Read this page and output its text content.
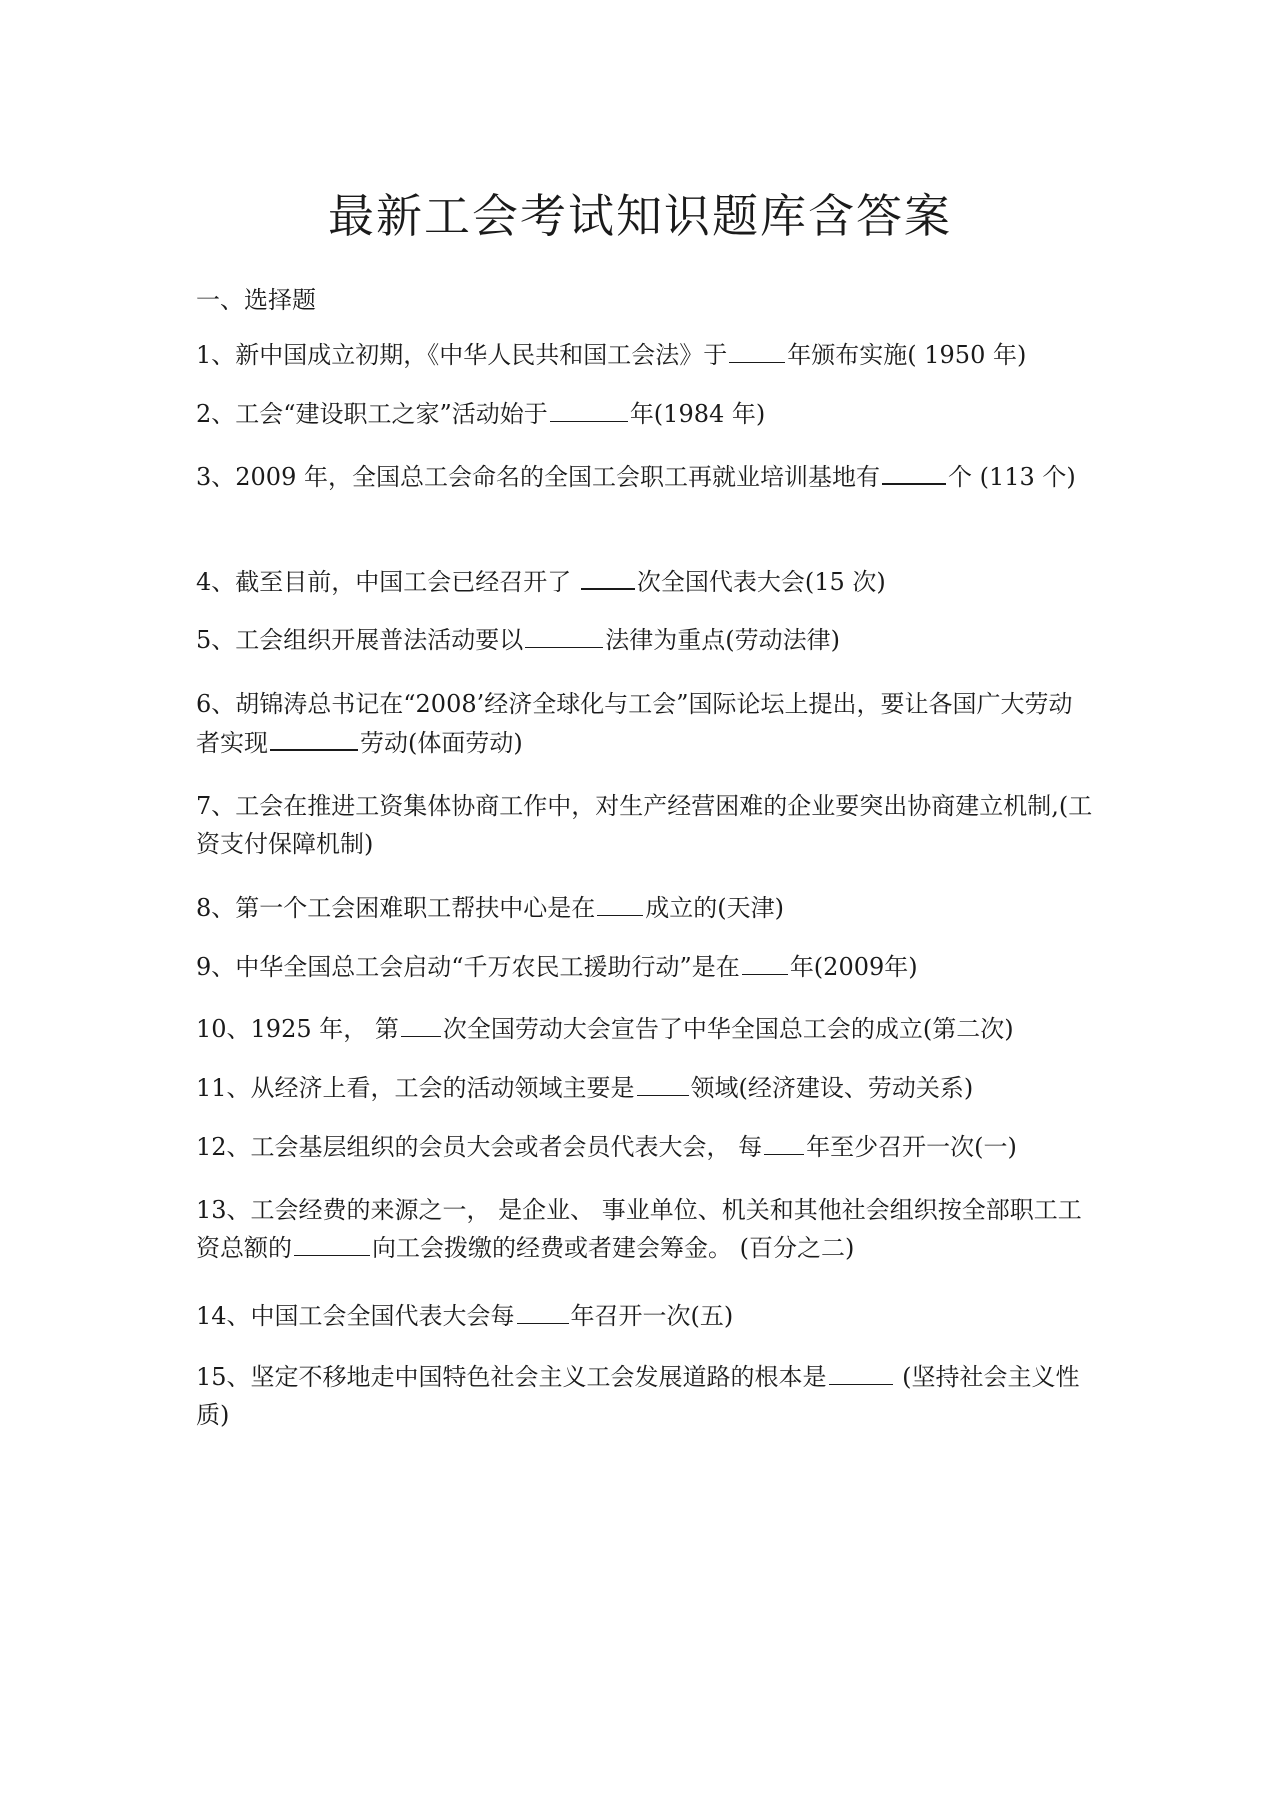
最新工会考试知识题库含答案

一、选择题

1、新中国成立初期，《中华人民共和国工会法》于	年颁布实施( 1950 年)

2、工会“建设职工之家”活动始于	年(1984 年)

3、2009 年，全国总工会命名的全国工会职工再就业培训基地有	个 (113 个)

4、截至目前，中国工会已经召开了 次全国代表大会(15 次)

5、工会组织开展普法活动要以	法律为重点(劳动法律)

6、胡锦涛总书记在“2008’经济全球化与工会”国际论坛上提出，要让各国广大劳动者实现	劳动(体面劳动)

7、工会在推进工资集体协商工作中，对生产经营困难的企业要突出协商建立机制,(工资支付保障机制)

8、第一个工会困难职工帮扶中心是在 成立的(天津)

9、中华全国总工会启动“千万农民工援助行动”是在 年(2009年)

10、1925 年， 第 次全国劳动大会宣告了中华全国总工会的成立(第二次)

11、从经济上看，工会的活动领域主要是 领域(经济建设、劳动关系)

12、工会基层组织的会员大会或者会员代表大会， 每 年至少召开一次(一)

13、工会经费的来源之一， 是企业、 事业单位、机关和其他社会组织按全部职工工资总额的	向工会拨缴的经费或者建会筹金。 (百分之二)

14、中国工会全国代表大会每 年召开一次(五)

15、坚定不移地走中国特色社会主义工会发展道路的根本是	(坚持社会主义性质)
